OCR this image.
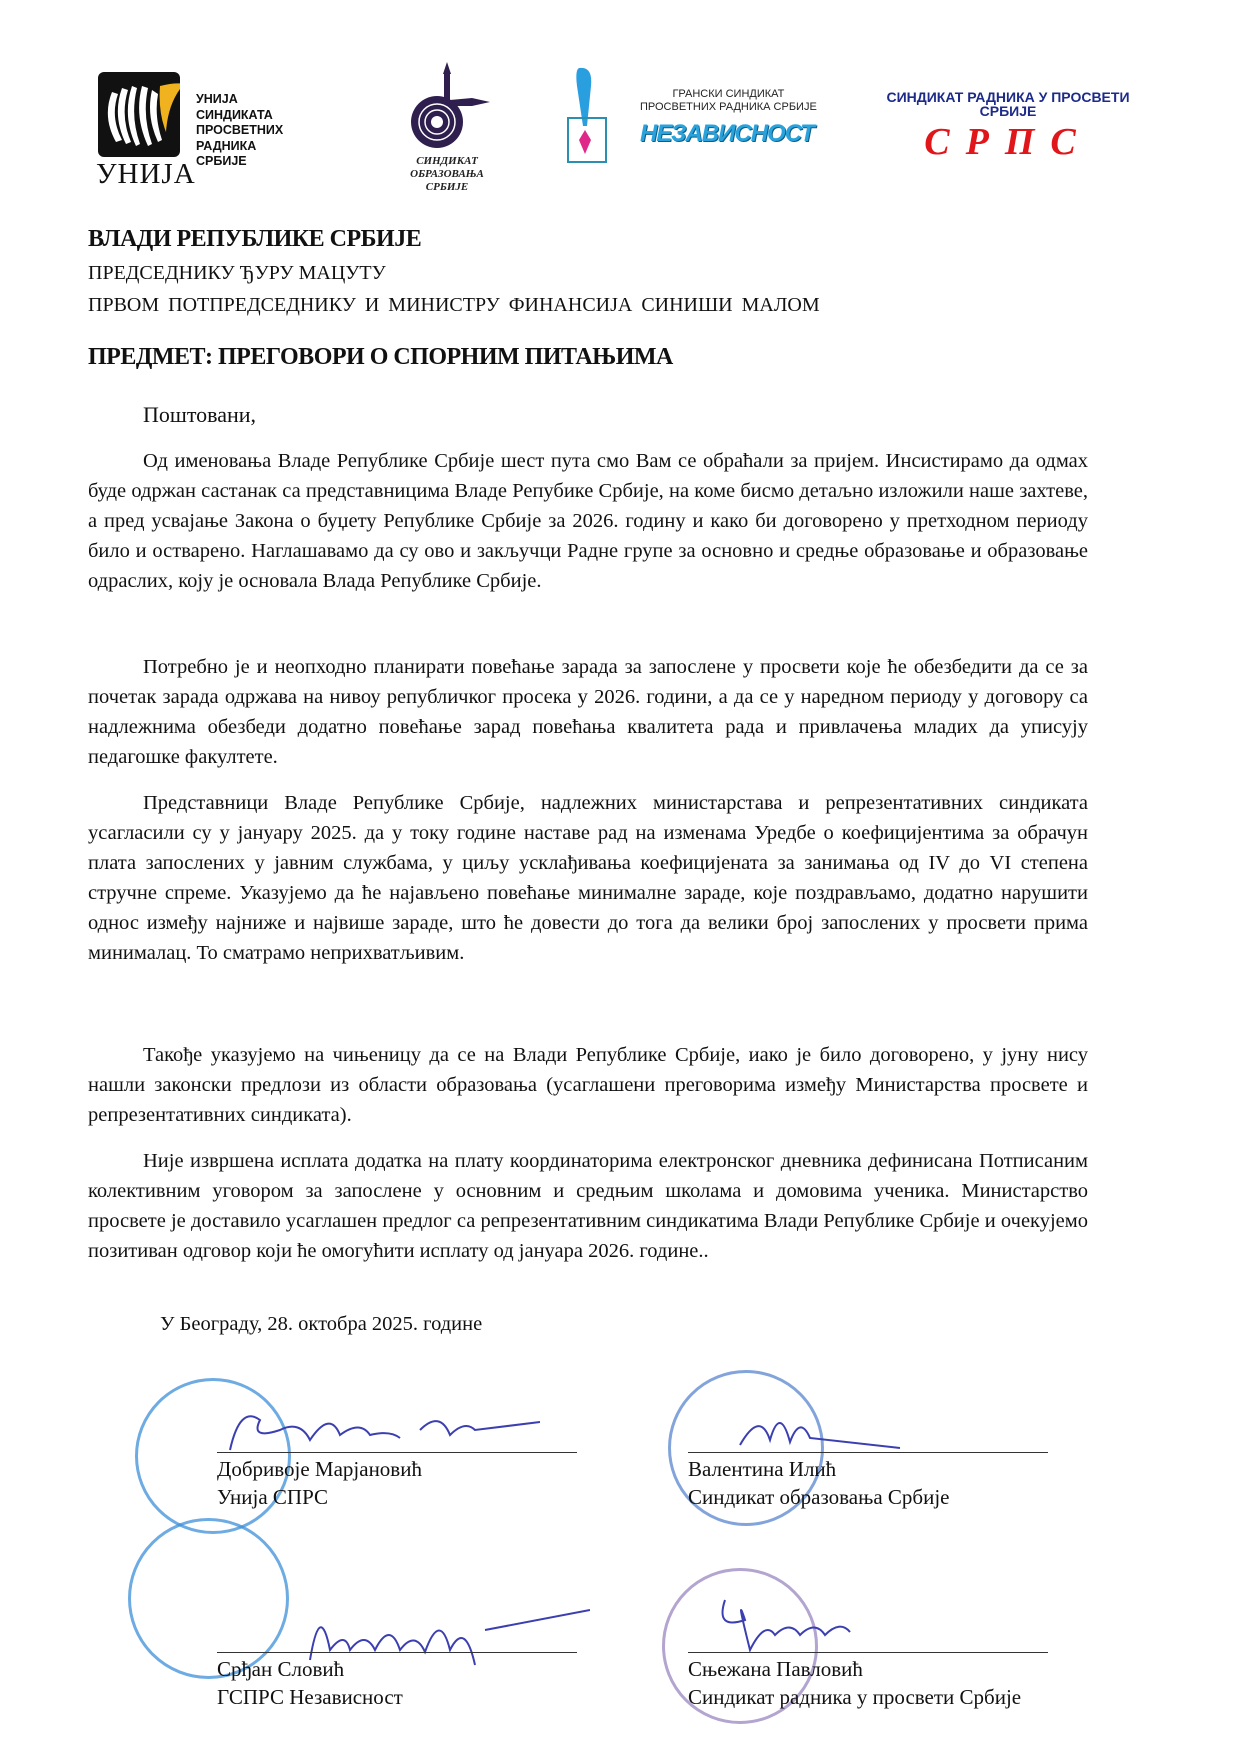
УНИЈА
УНИЈА
СИНДИКАТА
ПРОСВЕТНИХ
РАДНИКА
СРБИЈЕ	СИНДИКАТ ОБРАЗОВАЊА
СРБИЈЕ
ГРАНСКИ СИНДИКАТ
ПРОСВЕТНИХ РАДНИКА СРБИЈЕ
НЕЗАВИСНОСТ
СИНДИКАТ РАДНИКА У ПРОСВЕТИ
СРБИЈЕ
СРПС
ВЛАДИ РЕПУБЛИКЕ СРБИЈЕ
ПРЕДСЕДНИКУ ЂУРУ МАЦУТУ
ПРВОМ ПОТПРЕДСЕДНИКУ И МИНИСТРУ ФИНАНСИЈА СИНИШИ МАЛОМ
ПРЕДМЕТ: ПРЕГОВОРИ О СПОРНИМ ПИТАЊИМА
Поштовани,

Од именовања Владе Републике Србије шест пута смо Вам се обраћали за пријем. Инсистирамо да одмах буде одржан састанак са представницима Владе Репубике Србије, на коме бисмо детаљно изложили наше захтеве, а пред усвајање Закона о буџету Републике Србије за 2026. годину и како би договорено у претходном периоду било и остварено. Наглашавамо да су ово и закључци Радне групе за основно и средње образовање и образовање одраслих, коју је основала Влада Републике Србије.

Потребно је и неопходно планирати повећање зарада за запослене у просвети које ће обезбедити да се за почетак зарада одржава на нивоу републичког просека у 2026. години, а да се у наредном периоду у договору са надлежнима обезбеди додатно повећање зарад повећања квалитета рада и привлачења младих да уписују педагошке факултете.

Представници Владе Републике Србије, надлежних министарстава и репрезентативних синдиката усагласили су у јануару 2025. да у току године наставе рад на изменама Уредбе о коефицијентима за обрачун плата запослених у јавним службама, у циљу усклађивања коефицијената за занимања од IV до VI степена стручне спреме. Указујемо да ће најављено повећање минималне зараде, које поздрављамо, додатно нарушити однос између најниже и највише зараде, што ће довести до тога да велики број запослених у просвети прима минималац. То сматрамо неприхватљивим.

Такође указујемо на чињеницу да се на Влади Републике Србије, иако је било договорено, у јуну нису нашли законски предлози из области образовања (усаглашени преговорима између Министарства просвете и репрезентативних синдиката).

Није извршена исплата додатка на плату координаторима електронског дневника дефинисана Потписаним колективним уговором за запослене у основним и средњим школама и домовима ученика. Министарство просвете је доставило усаглашен предлог са репрезентативним синдикатима Влади Републике Србије и очекујемо позитиван одговор који ће омогућити исплату од јануара 2026. године..

У Београду, 28. oктобра 2025. године
Добривоје Марјановић
Унија СПРС
Валентина Илић
Синдикат образовања Србије
Срђан Словић
ГСПРС Независност
Сњежана Павловић
Синдикат радника у просвети Србије
